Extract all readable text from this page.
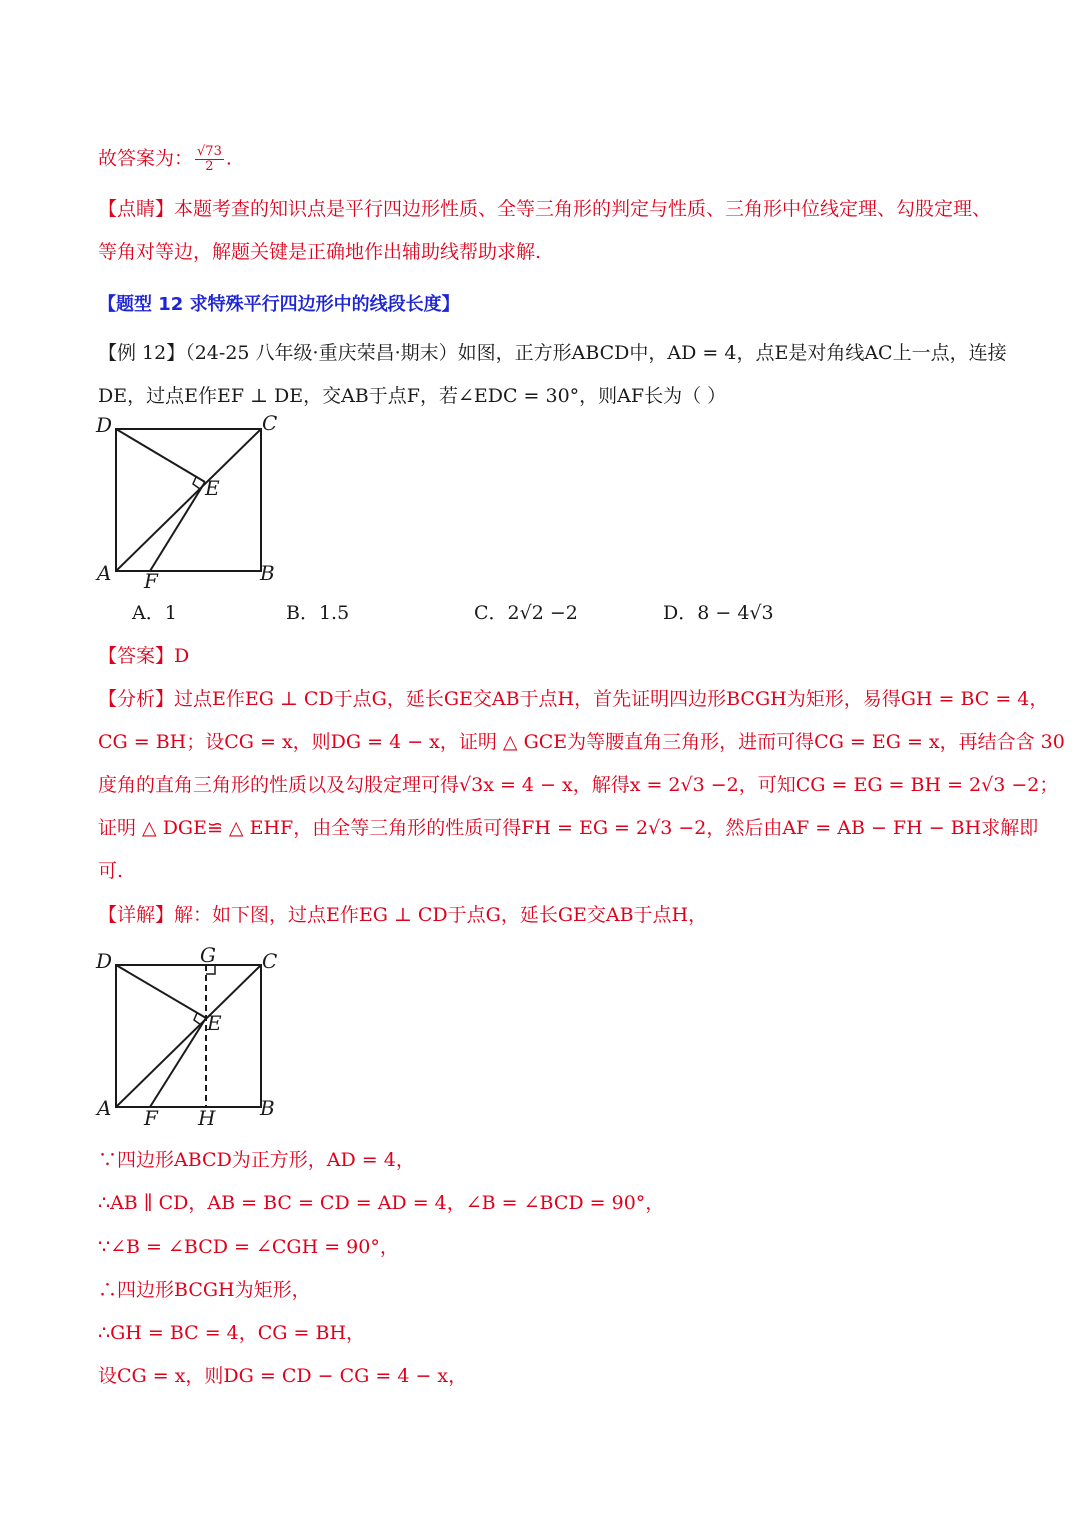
故答案为： $\frac{√73}{2}$ .
【点睛】本题考查的知识点是平行四边形性质、全等三角形的判定与性质、三角形中位线定理、勾股定理、
等角对等边，解题关键是正确地作出辅助线帮助求解.
【题型 12 求特殊平行四边形中的线段长度】
【例 12】（24-25 八年级·重庆荣昌·期末）如图，正方形ABCD中，AD = 4，点E是对角线AC上一点，连接
DE，过点E作EF ⊥ DE，交AB于点F，若∠EDC = 30°，则AF长为（ ）
D	C
E
A F	B
A．1	B．1.5	C．2√2 −2	D．8 − 4√3
【答案】D
【分析】过点E作EG ⊥ CD于点G，延长GE交AB于点H，首先证明四边形BCGH为矩形，易得GH = BC = 4，
CG = BH；设CG = x，则DG = 4 − x，证明 △ GCE为等腰直角三角形，进而可得CG = EG = x，再结合含 30
度角的直角三角形的性质以及勾股定理可得√3x = 4 − x，解得x = 2√3 −2，可知CG = EG = BH = 2√3 −2；
证明 △ DGE≌ △ EHF，由全等三角形的性质可得FH = EG = 2√3 −2，然后由AF = AB − FH − BH求解即
可.
【详解】解：如下图，过点E作EG ⊥ CD于点G，延长GE交AB于点H，
D	G C
E
A F H B
∵四边形ABCD为正方形，AD = 4，
∴AB ∥ CD，AB = BC = CD = AD = 4，∠B = ∠BCD = 90°，
∵∠B = ∠BCD = ∠CGH = 90°，
∴四边形BCGH为矩形，
∴GH = BC = 4，CG = BH，
设CG = x，则DG = CD − CG = 4 − x，
